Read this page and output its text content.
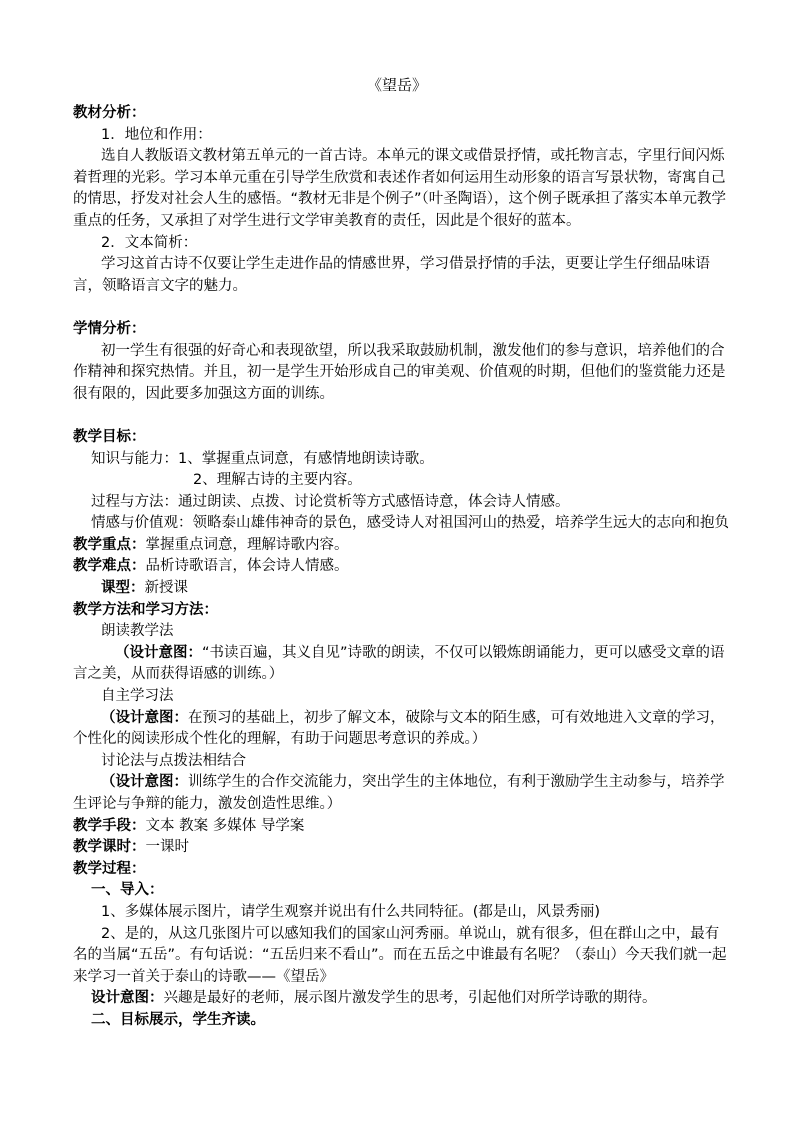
《望岳》

教材分析：

1．地位和作用：

选自人教版语文教材第五单元的一首古诗。本单元的课文或借景抒情，或托物言志，字里行间闪烁着哲理的光彩。学习本单元重在引导学生欣赏和表述作者如何运用生动形象的语言写景状物，寄寓自己的情思，抒发对社会人生的感悟。“教材无非是个例子”（叶圣陶语），这个例子既承担了落实本单元教学重点的任务，又承担了对学生进行文学审美教育的责任，因此是个很好的蓝本。

2．文本简析：

学习这首古诗不仅要让学生走进作品的情感世界，学习借景抒情的手法，更要让学生仔细品味语言，领略语言文字的魅力。

学情分析：

初一学生有很强的好奇心和表现欲望，所以我采取鼓励机制，激发他们的参与意识，培养他们的合作精神和探究热情。并且，初一是学生开始形成自己的审美观、价值观的时期，但他们的鉴赏能力还是很有限的，因此要多加强这方面的训练。

教学目标：

知识与能力：1、掌握重点词意，有感情地朗读诗歌。

2、理解古诗的主要内容。

过程与方法：通过朗读、点拨、讨论赏析等方式感悟诗意，体会诗人情感。

情感与价值观：领略泰山雄伟神奇的景色，感受诗人对祖国河山的热爱，培养学生远大的志向和抱负

教学重点：掌握重点词意，理解诗歌内容。

教学难点：品析诗歌语言，体会诗人情感。

课型：新授课

教学方法和学习方法：

朗读教学法

（设计意图：“书读百遍，其义自见”诗歌的朗读，不仅可以锻炼朗诵能力，更可以感受文章的语言之美，从而获得语感的训练。）

自主学习法

（设计意图：在预习的基础上，初步了解文本，破除与文本的陌生感，可有效地进入文章的学习，个性化的阅读形成个性化的理解，有助于问题思考意识的养成。）

讨论法与点拨法相结合

（设计意图：训练学生的合作交流能力，突出学生的主体地位，有利于激励学生主动参与，培养学生评论与争辩的能力，激发创造性思维。）

教学手段：文本 教案 多媒体 导学案

教学课时：一课时

教学过程：

一、导入：

1、多媒体展示图片，请学生观察并说出有什么共同特征。(都是山，风景秀丽)

2、是的，从这几张图片可以感知我们的国家山河秀丽。单说山，就有很多，但在群山之中，最有名的当属“五岳”。有句话说：“五岳归来不看山”。而在五岳之中谁最有名呢？（泰山）今天我们就一起来学习一首关于泰山的诗歌——《望岳》

设计意图：兴趣是最好的老师，展示图片激发学生的思考，引起他们对所学诗歌的期待。

二、目标展示，学生齐读。
